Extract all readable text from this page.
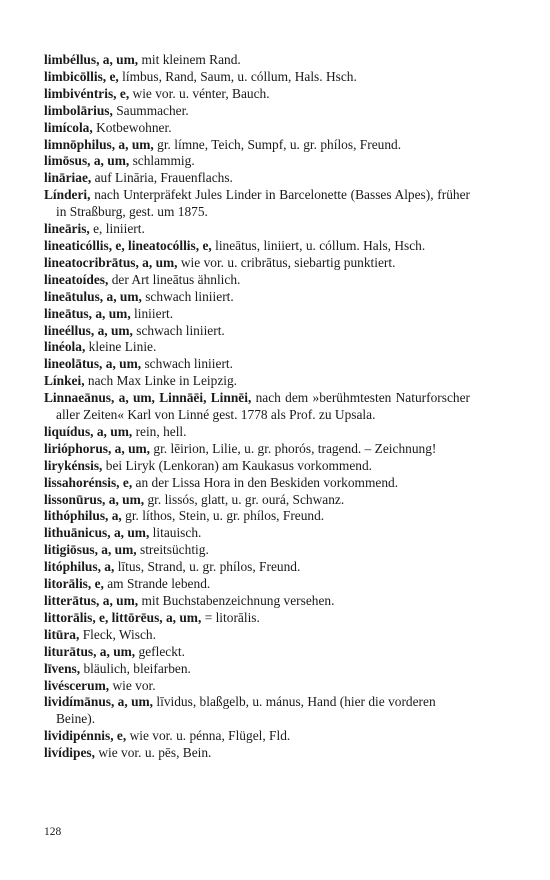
limbéllus, a, um, mit kleinem Rand.

limbicōllis, e, límbus, Rand, Saum, u. cóllum, Hals. Hsch.

limbivéntris, e, wie vor. u. vénter, Bauch.

limbolārius, Saummacher.

limícola, Kotbewohner.

limnōphilus, a, um, gr. límne, Teich, Sumpf, u. gr. phílos, Freund.

limōsus, a, um, schlammig.

linārіae, auf Linārіa, Frauenflachs.

Línderi, nach Unterpräfekt Jules Linder in Barcelonette (Basses Alpes), früher in Straßburg, gest. um 1875.

lineāris, e, liniiert.

lineaticóllis, e, lineatocóllis, e, lineātus, liniiert, u. cóllum. Hals, Hsch.

lineatocribrātus, a, um, wie vor. u. cribrātus, siebartig punktiert.

lineatoídes, der Art lineātus ähnlich.

lineātulus, a, um, schwach liniiert.

lineātus, a, um, liniiert.

lineéllus, a, um, schwach liniiert.

linéola, kleine Linie.

lineolātus, a, um, schwach liniiert.

Línkei, nach Max Linke in Leipzig.

Linnaeānus, a, um, Linnāēi, Linnēi, nach dem »berühmtesten Naturforscher aller Zeiten« Karl von Linné gest. 1778 als Prof. zu Upsala.

liquídus, a, um, rein, hell.

lirióphorus, a, um, gr. lēirion, Lilie, u. gr. phorós, tragend. – Zeichnung!

lirykénsis, bei Liryk (Lenkoran) am Kaukasus vorkommend.

lissahorénsis, e, an der Lissa Hora in den Beskiden vorkommend.

lissonūrus, a, um, gr. lissós, glatt, u. gr. ourá, Schwanz.

lithóphilus, a, gr. líthos, Stein, u. gr. phílos, Freund.

lithuānicus, a, um, litauisch.

litigiōsus, a, um, streitsüchtig.

litóphilus, a, lītus, Strand, u. gr. phílos, Freund.

litorālis, e, am Strande lebend.

litterātus, a, um, mit Buchstabenzeichnung versehen.

littorālis, e, littōrēus, a, um, = litorālis.

litūra, Fleck, Wisch.

liturātus, a, um, gefleckt.

līvens, bläulich, bleifarben.

livéscerum, wie vor.

lividímānus, a, um, līvidus, blaßgelb, u. mánus, Hand (hier die vorderen Beine).

lividipénnis, e, wie vor. u. pénna, Flügel, Fld.

livídipes, wie vor. u. pēs, Bein.

128
